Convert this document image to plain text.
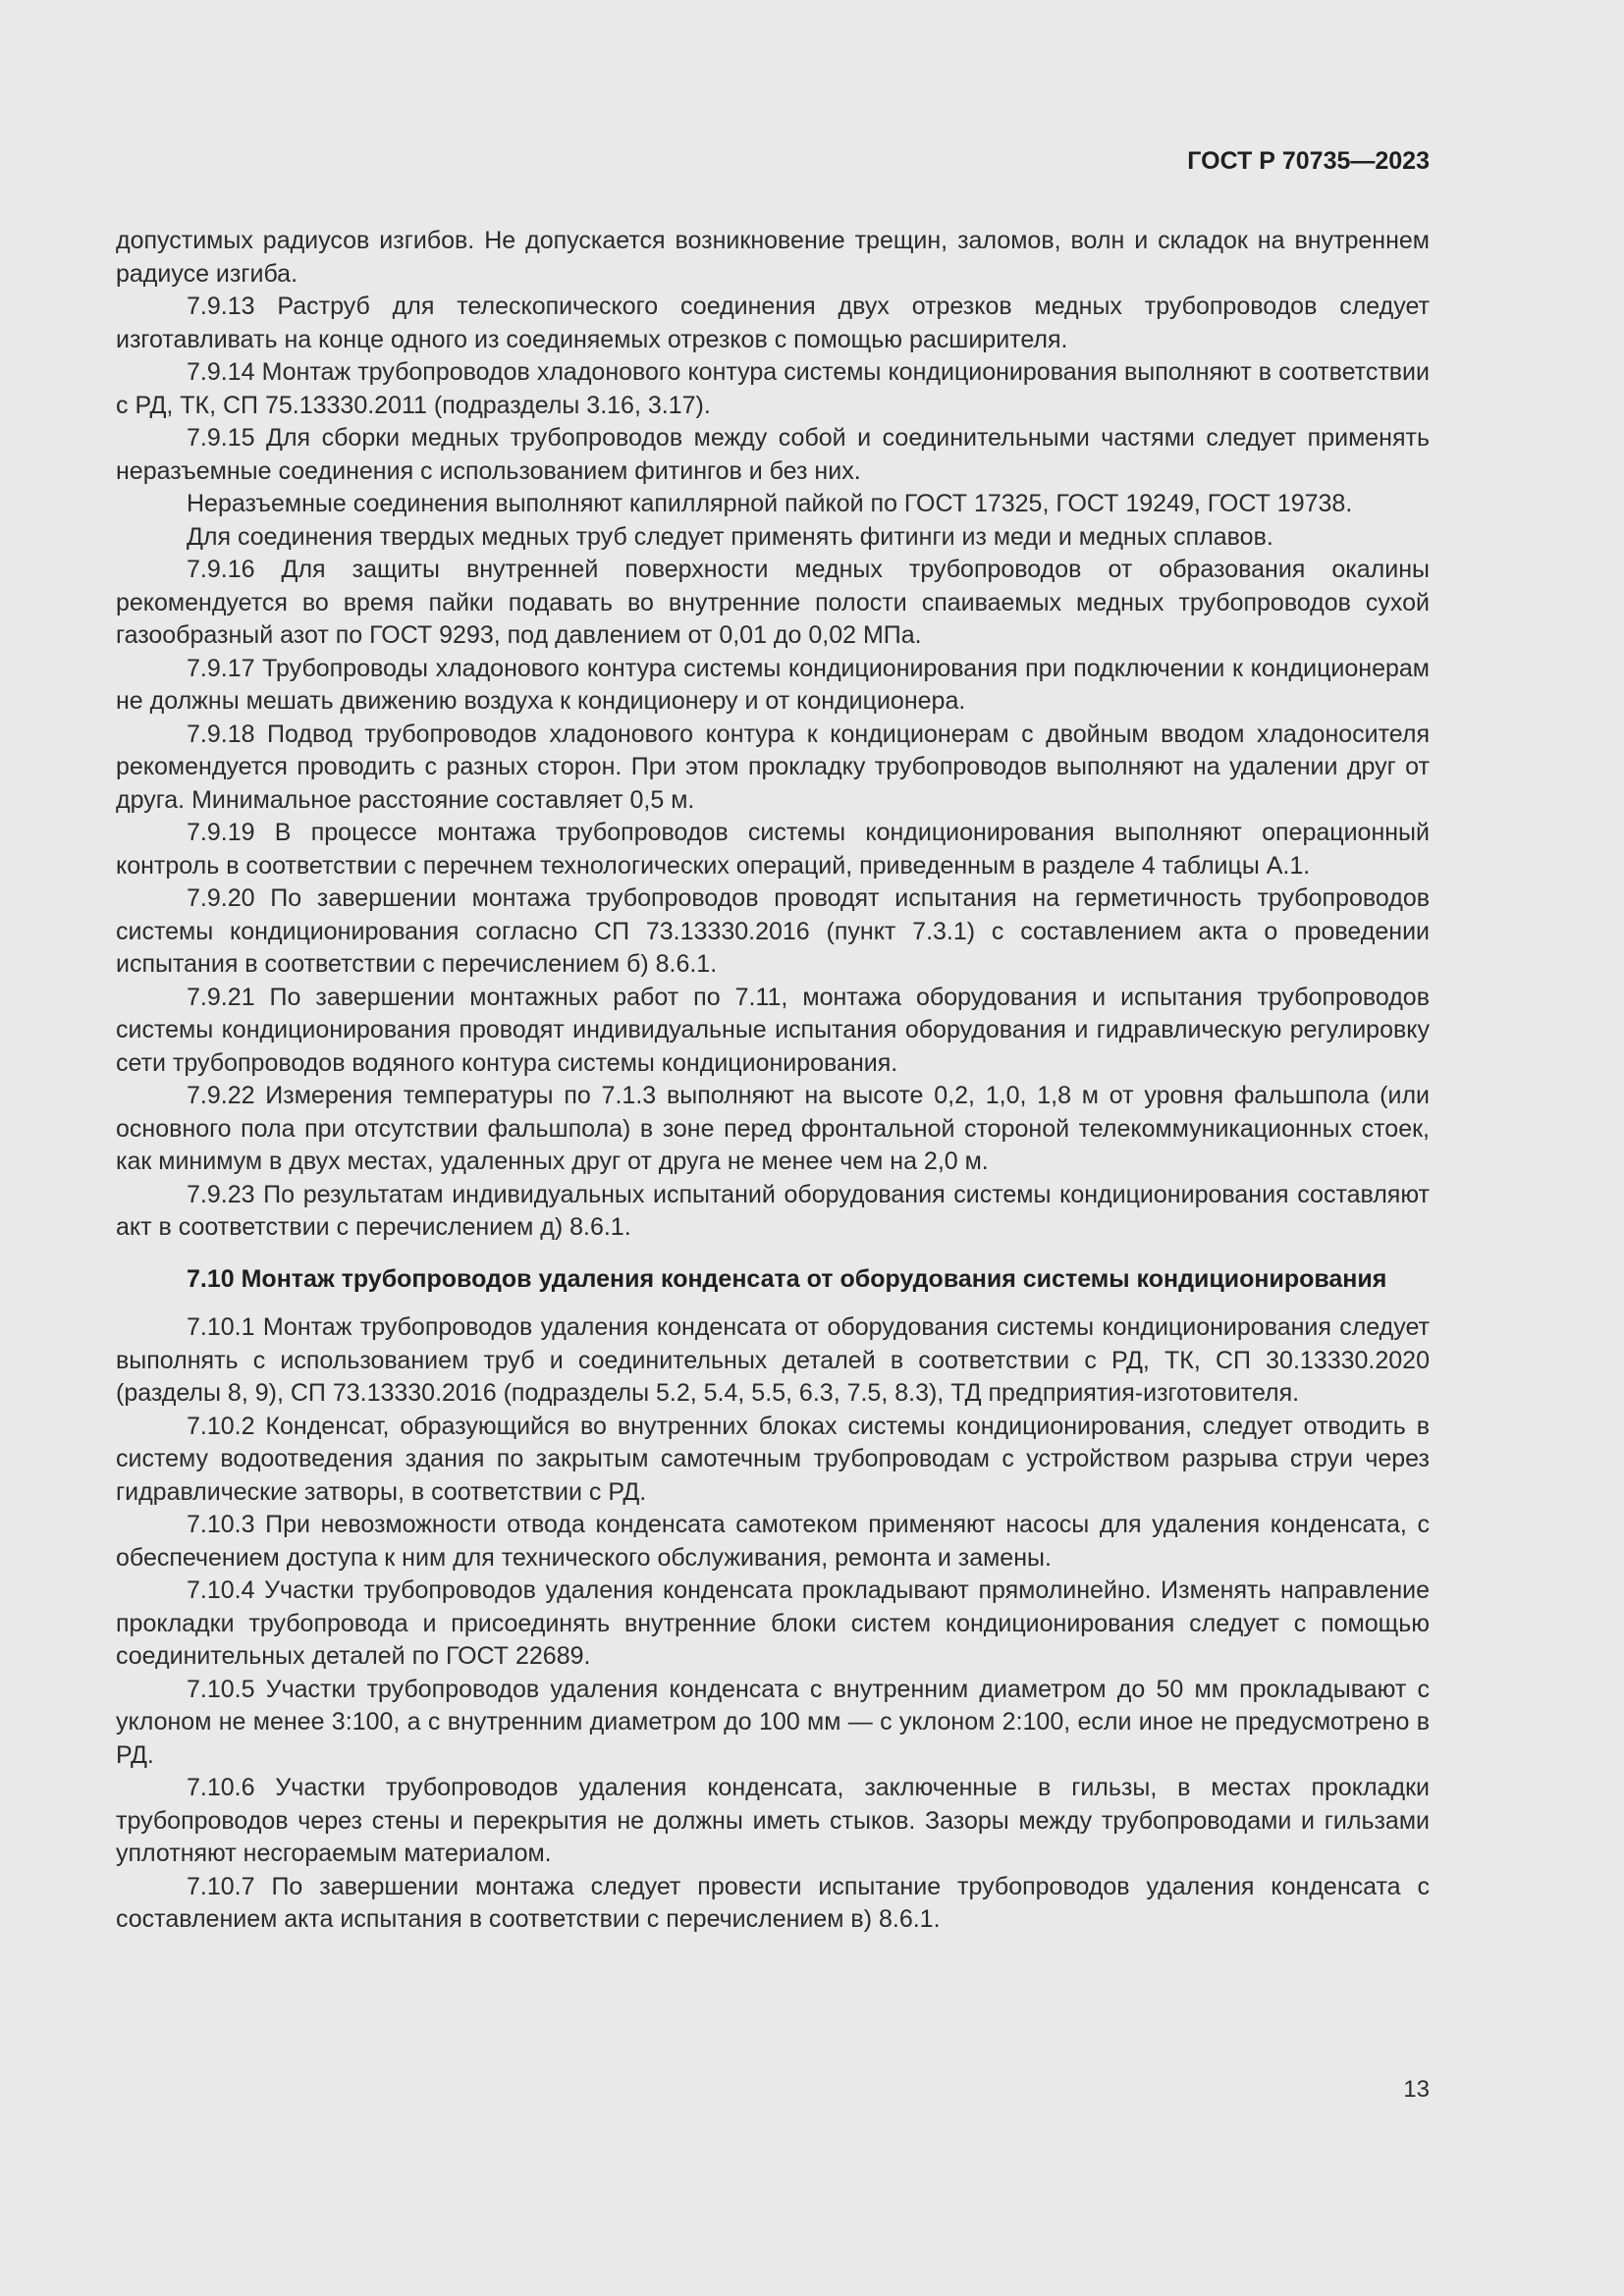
ГОСТ Р 70735—2023

допустимых радиусов изгибов. Не допускается возникновение трещин, заломов, волн и складок на внутреннем радиусе изгиба.

7.9.13 Раструб для телескопического соединения двух отрезков медных трубопроводов следует изготавливать на конце одного из соединяемых отрезков с помощью расширителя.

7.9.14 Монтаж трубопроводов хладонового контура системы кондиционирования выполняют в соответствии с РД, ТК, СП 75.13330.2011 (подразделы 3.16, 3.17).

7.9.15 Для сборки медных трубопроводов между собой и соединительными частями следует применять неразъемные соединения с использованием фитингов и без них.

Неразъемные соединения выполняют капиллярной пайкой по ГОСТ 17325, ГОСТ 19249, ГОСТ 19738.

Для соединения твердых медных труб следует применять фитинги из меди и медных сплавов.

7.9.16 Для защиты внутренней поверхности медных трубопроводов от образования окалины рекомендуется во время пайки подавать во внутренние полости спаиваемых медных трубопроводов сухой газообразный азот по ГОСТ 9293, под давлением от 0,01 до 0,02 МПа.

7.9.17 Трубопроводы хладонового контура системы кондиционирования при подключении к кондиционерам не должны мешать движению воздуха к кондиционеру и от кондиционера.

7.9.18 Подвод трубопроводов хладонового контура к кондиционерам с двойным вводом хладоносителя рекомендуется проводить с разных сторон. При этом прокладку трубопроводов выполняют на удалении друг от друга. Минимальное расстояние составляет 0,5 м.

7.9.19 В процессе монтажа трубопроводов системы кондиционирования выполняют операционный контроль в соответствии с перечнем технологических операций, приведенным в разделе 4 таблицы А.1.

7.9.20 По завершении монтажа трубопроводов проводят испытания на герметичность трубопроводов системы кондиционирования согласно СП 73.13330.2016 (пункт 7.3.1) с составлением акта о проведении испытания в соответствии с перечислением б) 8.6.1.

7.9.21 По завершении монтажных работ по 7.11, монтажа оборудования и испытания трубопроводов системы кондиционирования проводят индивидуальные испытания оборудования и гидравлическую регулировку сети трубопроводов водяного контура системы кондиционирования.

7.9.22 Измерения температуры по 7.1.3 выполняют на высоте 0,2, 1,0, 1,8 м от уровня фальшпола (или основного пола при отсутствии фальшпола) в зоне перед фронтальной стороной телекоммуникационных стоек, как минимум в двух местах, удаленных друг от друга не менее чем на 2,0 м.

7.9.23 По результатам индивидуальных испытаний оборудования системы кондиционирования составляют акт в соответствии с перечислением д) 8.6.1.

7.10 Монтаж трубопроводов удаления конденсата от оборудования системы кондиционирования

7.10.1 Монтаж трубопроводов удаления конденсата от оборудования системы кондиционирования следует выполнять с использованием труб и соединительных деталей в соответствии с РД, ТК, СП 30.13330.2020 (разделы 8, 9), СП 73.13330.2016 (подразделы 5.2, 5.4, 5.5, 6.3, 7.5, 8.3), ТД предприятия-изготовителя.

7.10.2 Конденсат, образующийся во внутренних блоках системы кондиционирования, следует отводить в систему водоотведения здания по закрытым самотечным трубопроводам с устройством разрыва струи через гидравлические затворы, в соответствии с РД.

7.10.3 При невозможности отвода конденсата самотеком применяют насосы для удаления конденсата, с обеспечением доступа к ним для технического обслуживания, ремонта и замены.

7.10.4 Участки трубопроводов удаления конденсата прокладывают прямолинейно. Изменять направление прокладки трубопровода и присоединять внутренние блоки систем кондиционирования следует с помощью соединительных деталей по ГОСТ 22689.

7.10.5 Участки трубопроводов удаления конденсата с внутренним диаметром до 50 мм прокладывают с уклоном не менее 3:100, а с внутренним диаметром до 100 мм — с уклоном 2:100, если иное не предусмотрено в РД.

7.10.6 Участки трубопроводов удаления конденсата, заключенные в гильзы, в местах прокладки трубопроводов через стены и перекрытия не должны иметь стыков. Зазоры между трубопроводами и гильзами уплотняют несгораемым материалом.

7.10.7 По завершении монтажа следует провести испытание трубопроводов удаления конденсата с составлением акта испытания в соответствии с перечислением в) 8.6.1.

13
